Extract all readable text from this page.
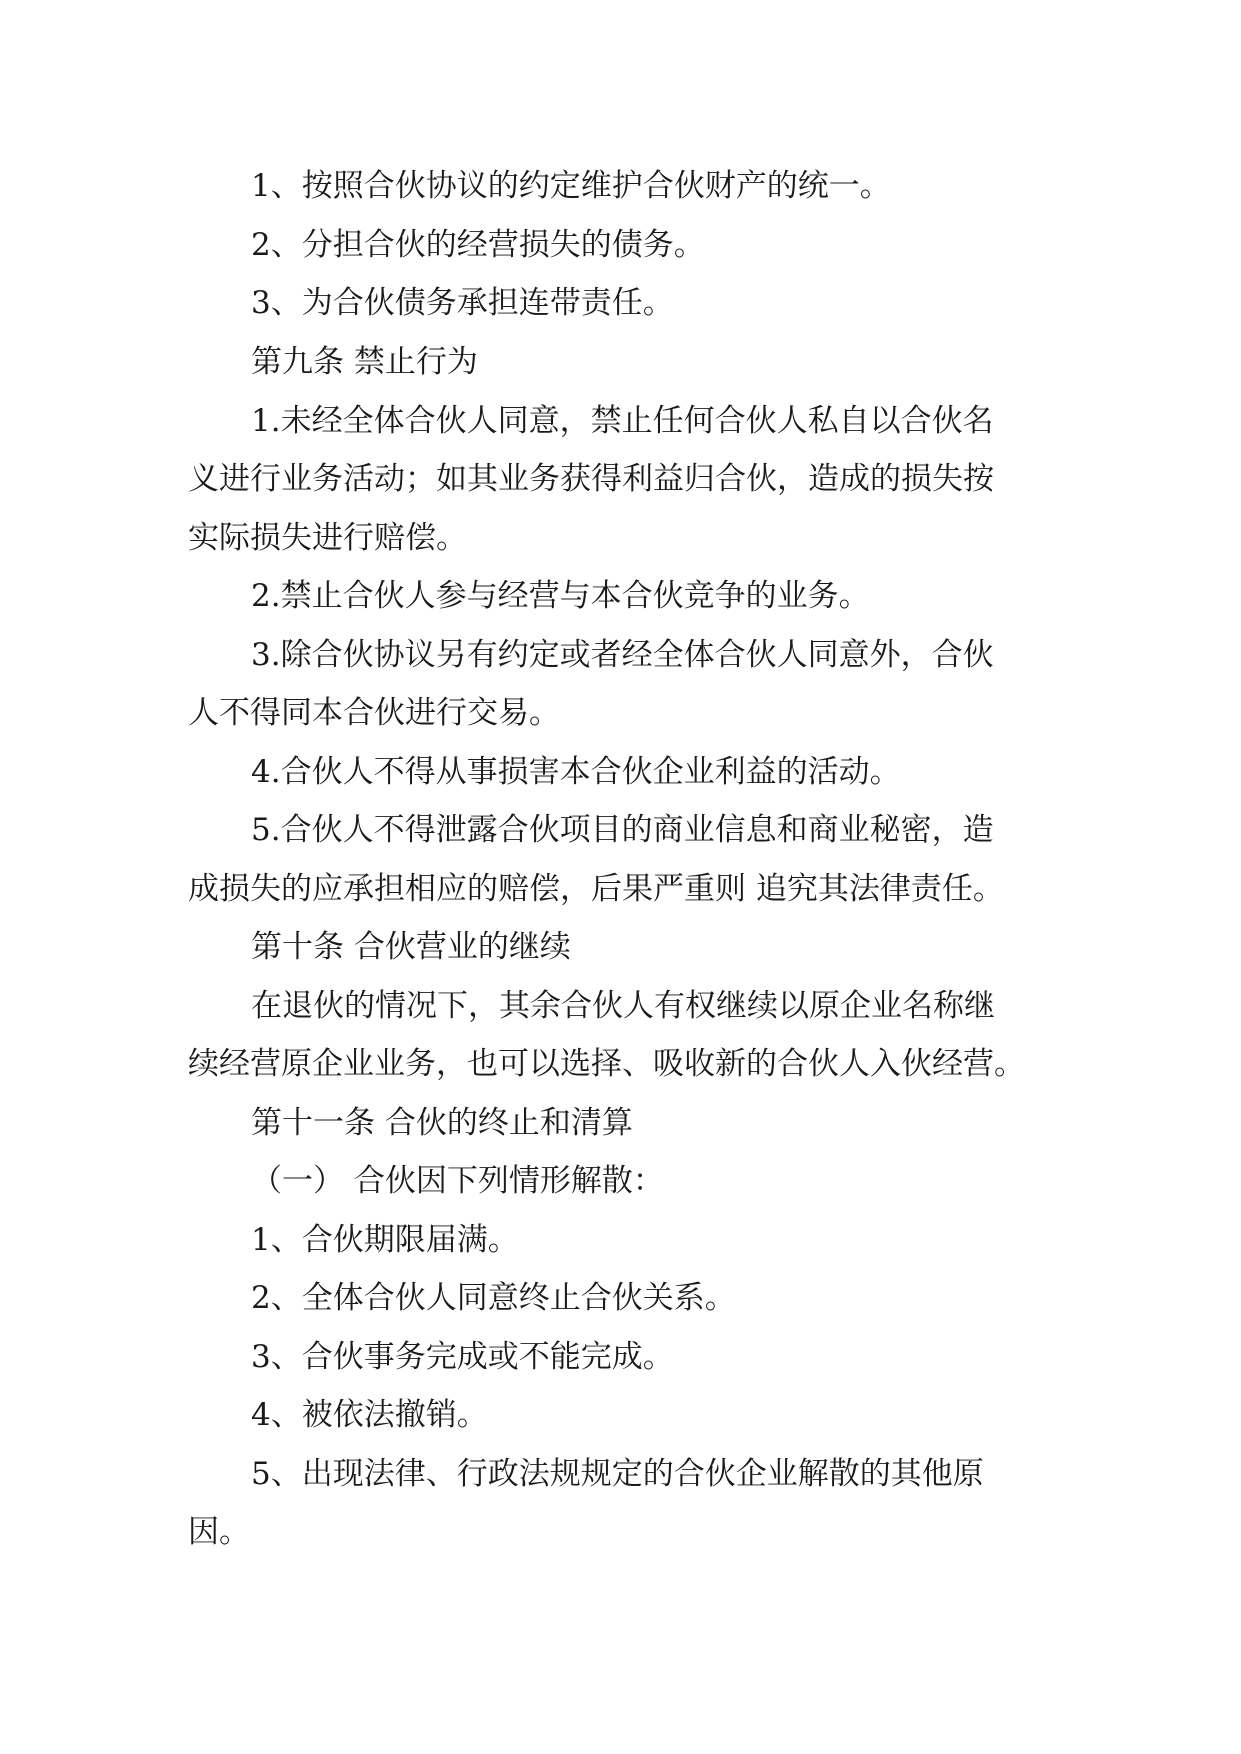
1、按照合伙协议的约定维护合伙财产的统一。
2、分担合伙的经营损失的债务。
3、为合伙债务承担连带责任。
第九条 禁止行为
1.未经全体合伙人同意，禁止任何合伙人私自以合伙名
义进行业务活动；如其业务获得利益归合伙，造成的损失按
实际损失进行赔偿。
2.禁止合伙人参与经营与本合伙竞争的业务。
3.除合伙协议另有约定或者经全体合伙人同意外，合伙
人不得同本合伙进行交易。
4.合伙人不得从事损害本合伙企业利益的活动。
5.合伙人不得泄露合伙项目的商业信息和商业秘密，造
成损失的应承担相应的赔偿，后果严重则 追究其法律责任。
第十条 合伙营业的继续
在退伙的情况下，其余合伙人有权继续以原企业名称继
续经营原企业业务，也可以选择、吸收新的合伙人入伙经营。
第十一条 合伙的终止和清算
（一） 合伙因下列情形解散：
1、合伙期限届满。
2、全体合伙人同意终止合伙关系。
3、合伙事务完成或不能完成。
4、被依法撤销。
5、出现法律、行政法规规定的合伙企业解散的其他原
因。
